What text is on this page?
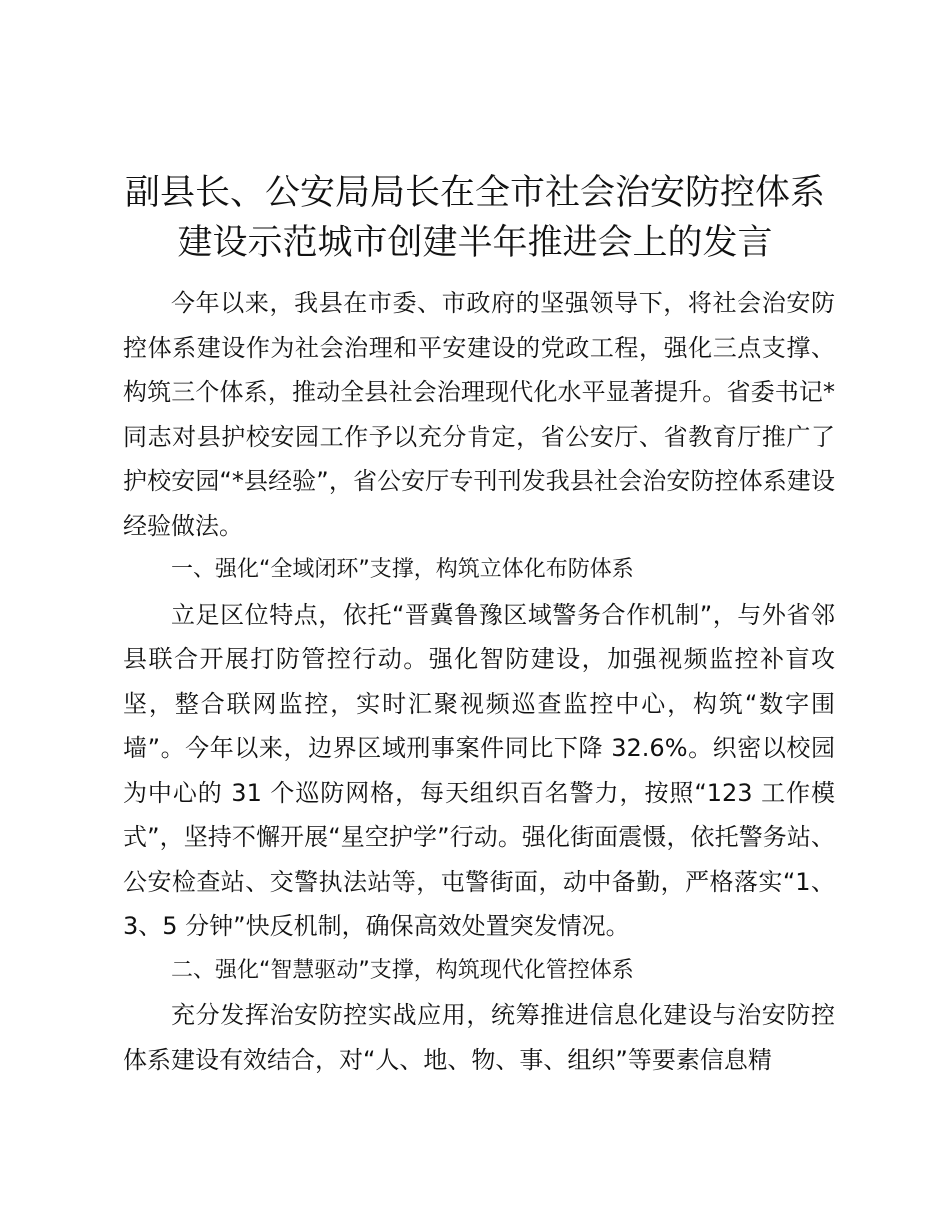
副县长、公安局局长在全市社会治安防控体系
建设示范城市创建半年推进会上的发言

今年以来，我县在市委、市政府的坚强领导下，将社会治安防控体系建设作为社会治理和平安建设的党政工程，强化三点支撑、构筑三个体系，推动全县社会治理现代化水平显著提升。省委书记*同志对县护校安园工作予以充分肯定，省公安厅、省教育厅推广了护校安园“*县经验”，省公安厅专刊刊发我县社会治安防控体系建设经验做法。

一、强化“全域闭环”支撑，构筑立体化布防体系

立足区位特点，依托“晋冀鲁豫区域警务合作机制”，与外省邻县联合开展打防管控行动。强化智防建设，加强视频监控补盲攻坚，整合联网监控，实时汇聚视频巡查监控中心，构筑“数字围墙”。今年以来，边界区域刑事案件同比下降 32.6%。织密以校园为中心的 31 个巡防网格，每天组织百名警力，按照“123 工作模式”，坚持不懈开展“星空护学”行动。强化街面震慑，依托警务站、公安检查站、交警执法站等，屯警街面，动中备勤，严格落实“1、3、5 分钟”快反机制，确保高效处置突发情况。

二、强化“智慧驱动”支撑，构筑现代化管控体系

充分发挥治安防控实战应用，统筹推进信息化建设与治安防控体系建设有效结合，对“人、地、物、事、组织”等要素信息精
